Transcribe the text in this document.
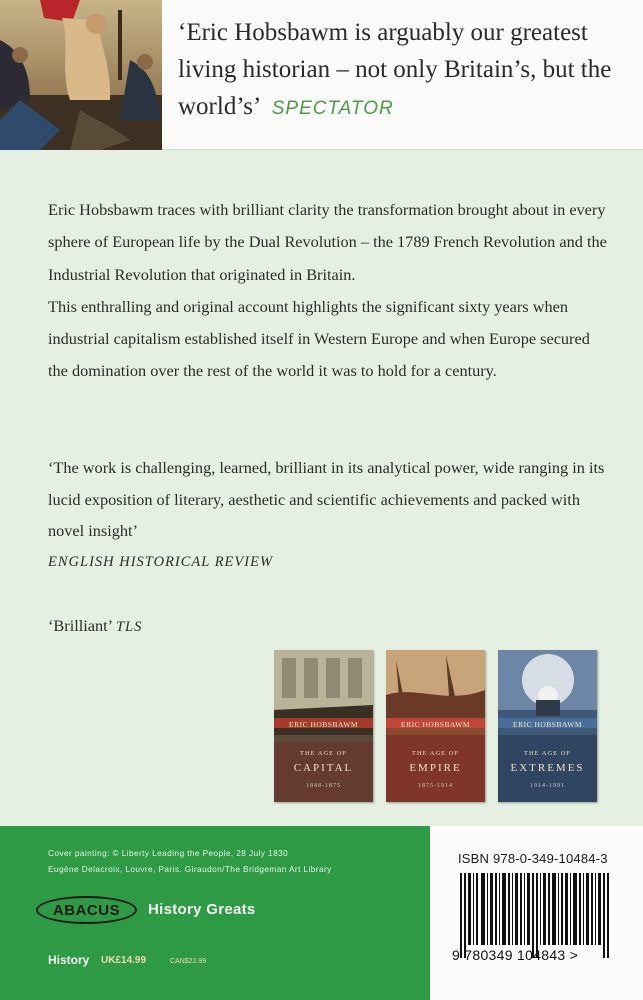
‘Eric Hobsbawm is arguably our greatest living historian – not only Britain’s, but the world’s’ SPECTATOR
Eric Hobsbawm traces with brilliant clarity the transformation brought about in every sphere of European life by the Dual Revolution – the 1789 French Revolution and the Industrial Revolution that originated in Britain.
This enthralling and original account highlights the significant sixty years when industrial capitalism established itself in Western Europe and when Europe secured the domination over the rest of the world it was to hold for a century.
‘The work is challenging, learned, brilliant in its analytical power, wide ranging in its lucid exposition of literary, aesthetic and scientific achievements and packed with novel insight’
ENGLISH HISTORICAL REVIEW
‘Brilliant’ TLS
ERIC HOBSBAWM
THE AGE OF
CAPITAL
1848-1875
ERIC HOBSBAWM
THE AGE OF
EMPIRE
1875-1914
ERIC HOBSBAWM
THE AGE OF
EXTREMES
1914-1991
Cover painting: © Liberty Leading the People, 28 July 1830
Eugène Delacroix, Louvre, Paris. Giraudon/The Bridgeman Art Library
ABACUS	History Greats
History UK£14.99	CAN$22.99
ISBN 978-0-349-10484-3
9 780349 104843 >
